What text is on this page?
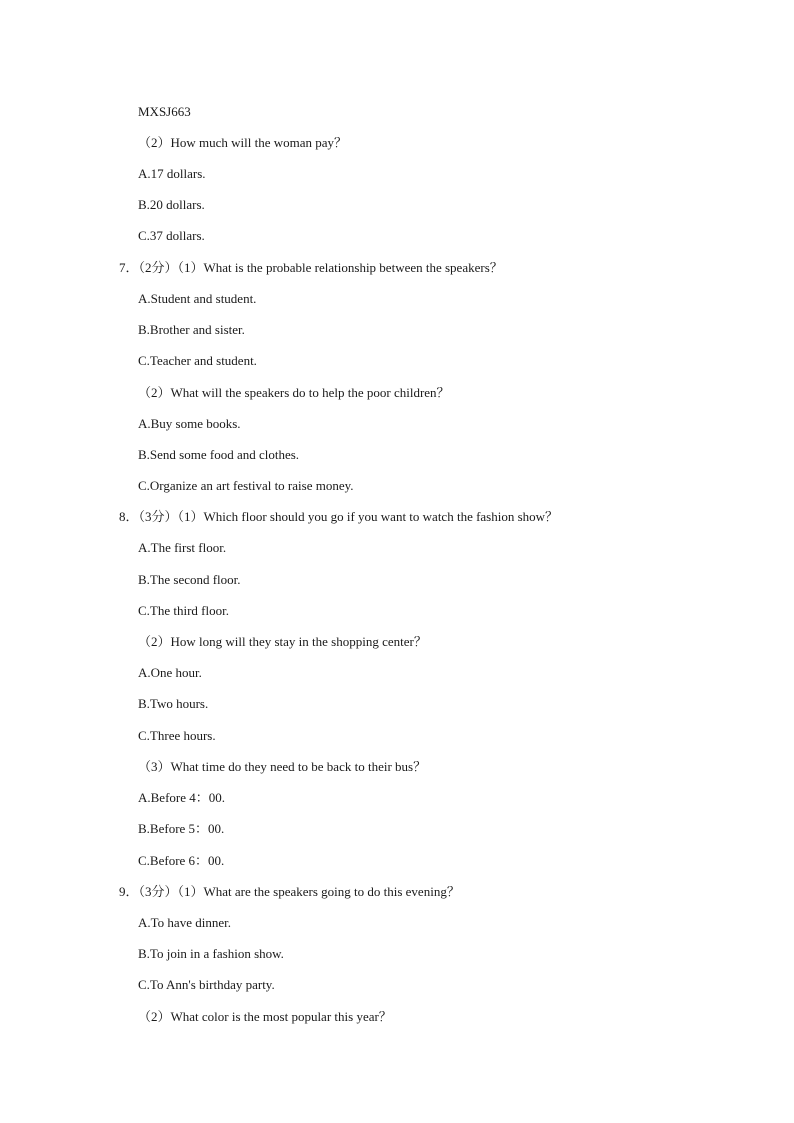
MXSJ663
（2）How much will the woman pay？
A.17 dollars.
B.20 dollars.
C.37 dollars.
7．（2分）（1）What is the probable relationship between the speakers？
A.Student and student.
B.Brother and sister.
C.Teacher and student.
（2）What will the speakers do to help the poor children？
A.Buy some books.
B.Send some food and clothes.
C.Organize an art festival to raise money.
8．（3分）（1）Which floor should you go if you want to watch the fashion show？
A.The first floor.
B.The second floor.
C.The third floor.
（2）How long will they stay in the shopping center？
A.One hour.
B.Two hours.
C.Three hours.
（3）What time do they need to be back to their bus？
A.Before 4：00.
B.Before 5：00.
C.Before 6：00.
9．（3分）（1）What are the speakers going to do this evening？
A.To have dinner.
B.To join in a fashion show.
C.To Ann's birthday party.
（2）What color is the most popular this year？
